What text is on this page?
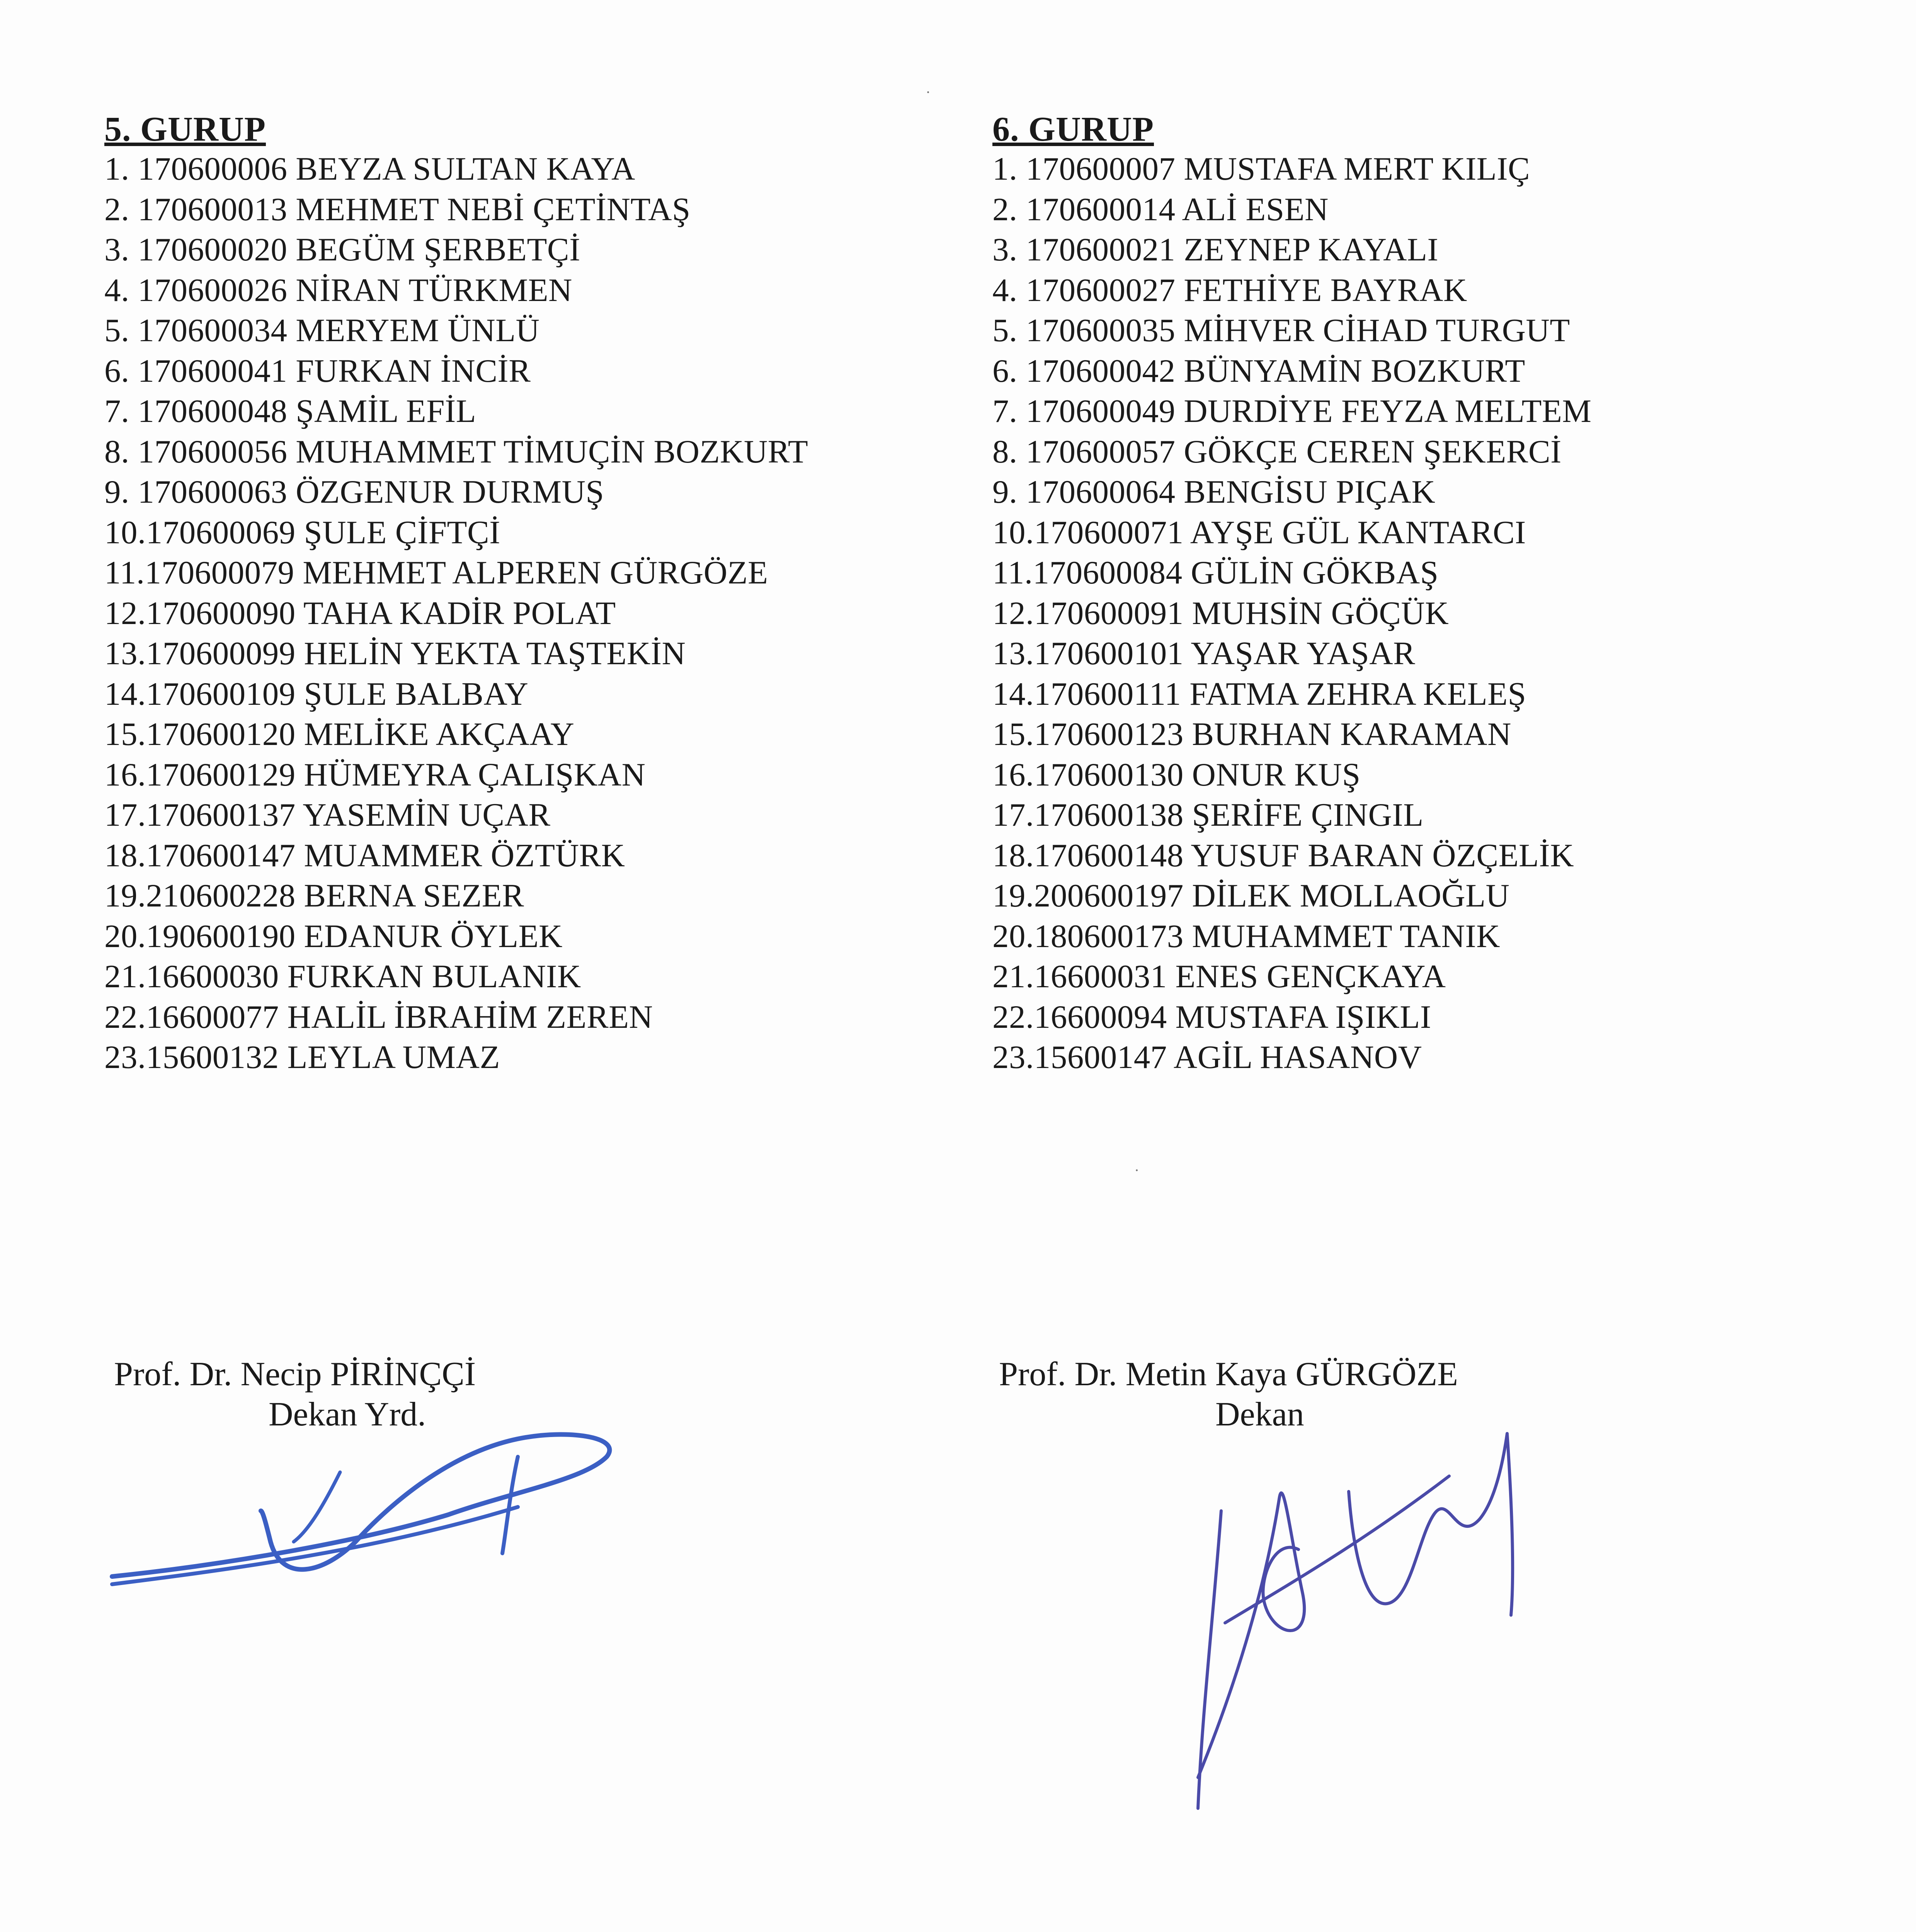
5. GURUP
1. 170600006 BEYZA SULTAN KAYA
2. 170600013 MEHMET NEBİ ÇETİNTAŞ
3. 170600020 BEGÜM ŞERBETÇİ
4. 170600026 NİRAN TÜRKMEN
5. 170600034 MERYEM ÜNLÜ
6. 170600041 FURKAN İNCİR
7. 170600048 ŞAMİL EFİL
8. 170600056 MUHAMMET TİMUÇİN BOZKURT
9. 170600063 ÖZGENUR DURMUŞ
10.170600069 ŞULE ÇİFTÇİ
11.170600079 MEHMET ALPEREN GÜRGÖZE
12.170600090 TAHA KADİR POLAT
13.170600099 HELİN YEKTA TAŞTEKİN
14.170600109 ŞULE BALBAY
15.170600120 MELİKE AKÇAAY
16.170600129 HÜMEYRA ÇALIŞKAN
17.170600137 YASEMİN UÇAR
18.170600147 MUAMMER ÖZTÜRK
19.210600228 BERNA SEZER
20.190600190 EDANUR ÖYLEK
21.16600030 FURKAN BULANIK
22.16600077 HALİL İBRAHİM ZEREN
23.15600132 LEYLA UMAZ
6. GURUP
1. 170600007 MUSTAFA MERT KILIÇ
2. 170600014 ALİ ESEN
3. 170600021 ZEYNEP KAYALI
4. 170600027 FETHİYE BAYRAK
5. 170600035 MİHVER CİHAD TURGUT
6. 170600042 BÜNYAMİN BOZKURT
7. 170600049 DURDİYE FEYZA MELTEM
8. 170600057 GÖKÇE CEREN ŞEKERCİ
9. 170600064 BENGİSU PIÇAK
10.170600071 AYŞE GÜL KANTARCI
11.170600084 GÜLİN GÖKBAŞ
12.170600091 MUHSİN GÖÇÜK
13.170600101 YAŞAR YAŞAR
14.170600111 FATMA ZEHRA KELEŞ
15.170600123 BURHAN KARAMAN
16.170600130 ONUR KUŞ
17.170600138 ŞERİFE ÇINGIL
18.170600148 YUSUF BARAN ÖZÇELİK
19.200600197 DİLEK MOLLAOĞLU
20.180600173 MUHAMMET TANIK
21.16600031 ENES GENÇKAYA
22.16600094 MUSTAFA IŞIKLI
23.15600147 AGİL HASANOV
Prof. Dr. Necip PİRİNÇÇİ
Dekan Yrd.
Prof. Dr. Metin Kaya GÜRGÖZE
Dekan
·
·
